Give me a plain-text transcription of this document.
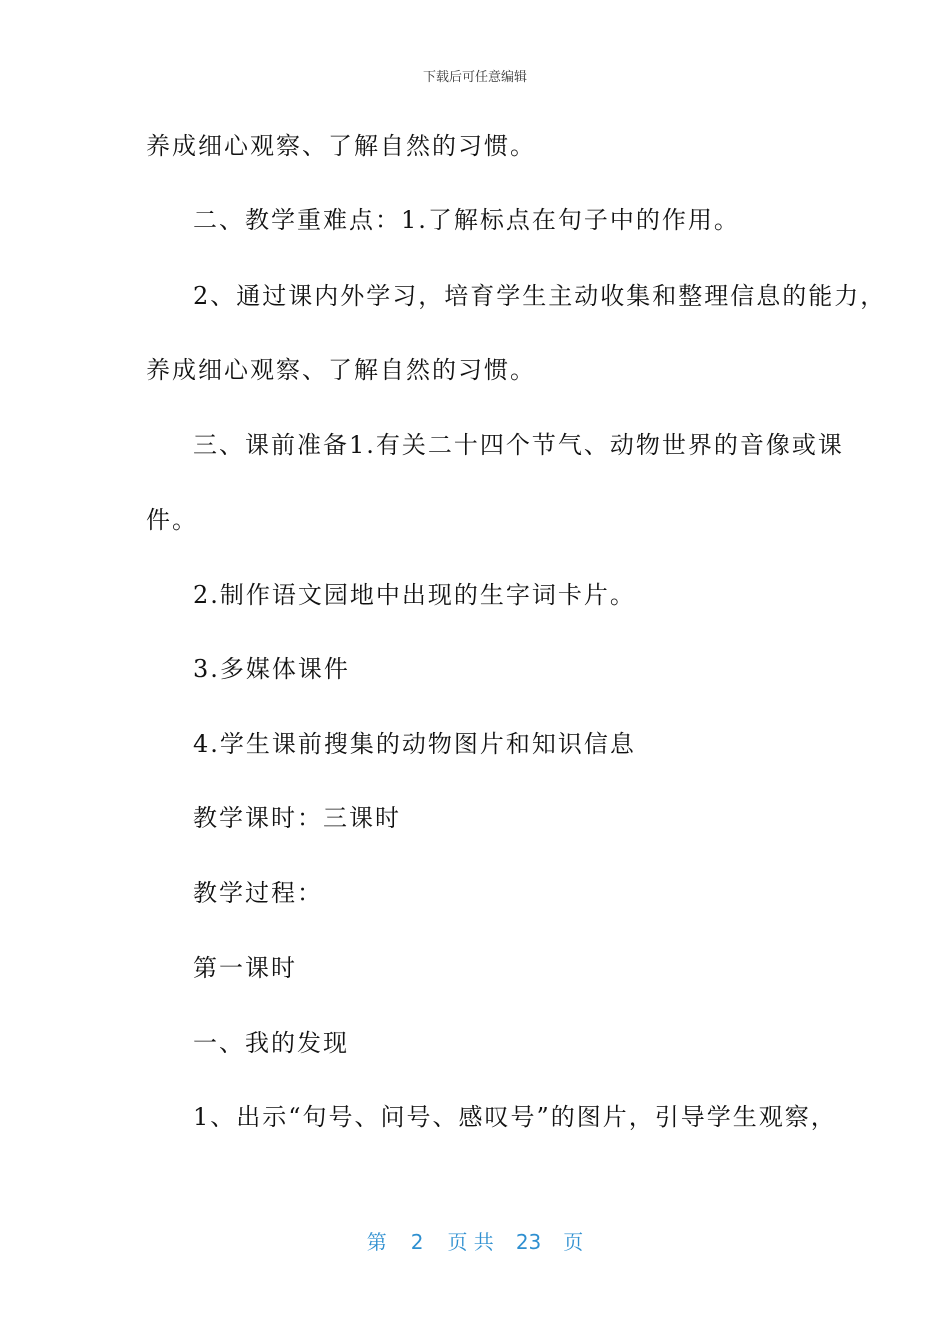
下载后可任意编辑
养成细心观察、了解自然的习惯。
二、教学重难点：1.了解标点在句子中的作用。
2、通过课内外学习，培育学生主动收集和整理信息的能力，
养成细心观察、了解自然的习惯。
三、课前准备1.有关二十四个节气、动物世界的音像或课
件。
2.制作语文园地中出现的生字词卡片。
3.多媒体课件
4.学生课前搜集的动物图片和知识信息
教学课时：三课时
教学过程：
第一课时
一、我的发现
1、出示“句号、问号、感叹号”的图片，引导学生观察，
第 2 页 共 23 页
